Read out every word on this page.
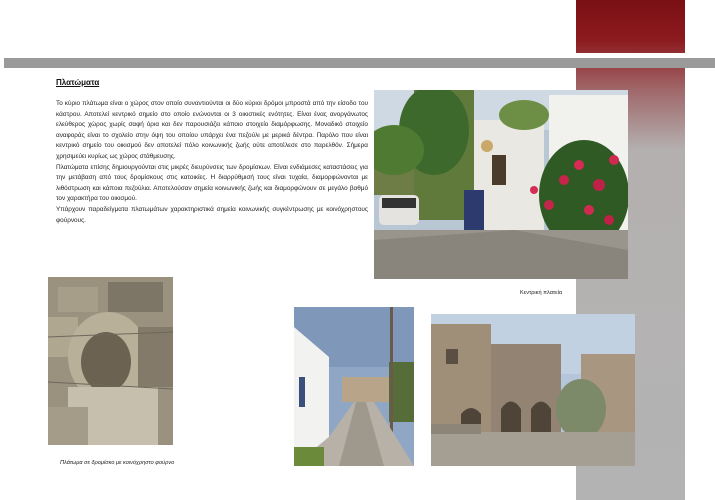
Πλατώματα

Το κύριο πλάτωμα είναι ο χώρος στον οποίο συναντιούνται οι δύο κύριοι δρόμοι μπροστά από την είσοδο του κάστρου. Αποτελεί κεντρικό σημείο στο οποίο ενώνονται οι 3 οικιστικές ενότητες. Είναι ένας ανοργάνωτος ελεύθερος χώρος χωρίς σαφή όρια και δεν παρουσιάζει κάποιο στοιχείο διαμόρφωσης. Μοναδικό στοιχείο αναφοράς είναι το σχολείο στην όψη του οποίου υπάρχει ένα πεζούλι με μερικά δέντρα. Παρόλο που είναι κεντρικό σημείο του οικισμού δεν αποτελεί πόλο κοινωνικής ζωής ούτε αποτέλεσε στο παρελθόν. Σήμερα χρησιμεύει κυρίως ως χώρος στάθμευσης.

Πλατώματα επίσης δημιουργούνται στις μικρές διευρύνσεις των δρομίσκων. Είναι ενδιάμεσες καταστάσεις για την μετάβαση από τους δρομίσκους στις κατοικίες. Η διαρρύθμισή τους είναι τυχαία, διαμορφώνονται με λιθόστρωση και κάποια πεζούλια. Αποτελούσαν σημεία κοινωνικής ζωής και διαμορφώνουν σε μεγάλο βαθμό τον χαρακτήρα του οικισμού.

Υπάρχουν παραδείγματα πλατωμάτων χαρακτηριστικά σημεία κοινωνικής συγκέντρωσης με κοινόχρηστους φούρνους.

Κεντρική πλατεία
Πλάτωμα σε δρομίσκο με κοινόχρηστο φούρνο
